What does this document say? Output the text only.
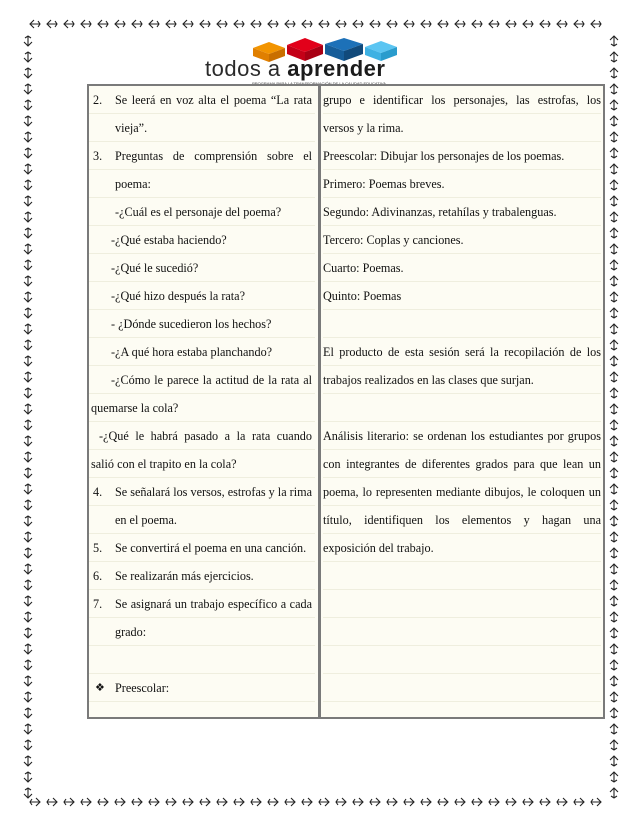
todos a aprender
2. Se leerá en voz alta el poema “La rata
vieja”.
3. Preguntas de comprensión sobre el
poema:
-¿Cuál es el personaje del poema?
-¿Qué estaba haciendo?
-¿Qué le sucedió?
-¿Qué hizo después la rata?
- ¿Dónde sucedieron los hechos?
-¿A qué hora estaba planchando?
-¿Cómo le parece la actitud de la rata al
quemarse la cola?
-¿Qué le habrá pasado a la rata cuando
salió con el trapito en la cola?
4. Se señalará los versos, estrofas y la rima
en el poema.
5. Se convertirá el poema en una canción.
6. Se realizarán más ejercicios.
7. Se asignará un trabajo específico a cada
grado:
❖ Preescolar:
grupo e identificar los personajes, las estrofas, los
versos y la rima.
Preescolar: Dibujar los personajes de los poemas.
Primero: Poemas breves.
Segundo: Adivinanzas, retahílas y trabalenguas.
Tercero: Coplas y canciones.
Cuarto: Poemas.
Quinto: Poemas
El producto de esta sesión será la recopilación de los
trabajos realizados en las clases que surjan.
Análisis literario: se ordenan los estudiantes por grupos
con integrantes de diferentes grados para que lean un
poema, lo representen mediante dibujos, le coloquen un
título, identifiquen los elementos y hagan una
exposición del trabajo.
